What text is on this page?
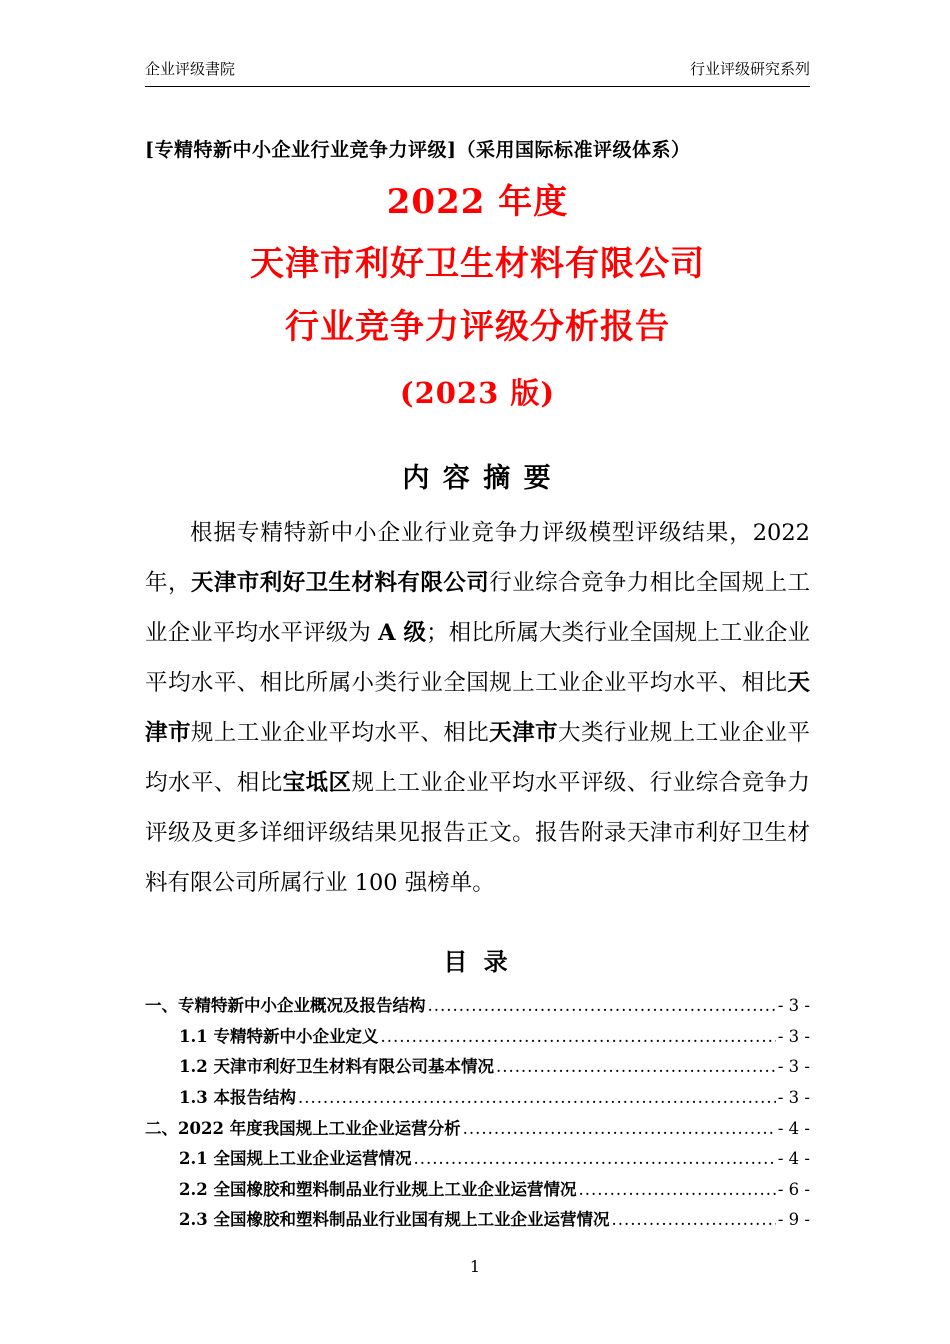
企业评级書院	行业评级研究系列
[专精特新中小企业行业竞争力评级]（采用国际标准评级体系）
2022 年度
天津市利好卫生材料有限公司
行业竞争力评级分析报告
(2023 版)
内 容 摘 要

根据专精特新中小企业行业竞争力评级模型评级结果，2022 年，天津市利好卫生材料有限公司行业综合竞争力相比全国规上工业企业平均水平评级为 A 级；相比所属大类行业全国规上工业企业平均水平、相比所属小类行业全国规上工业企业平均水平、相比天津市规上工业企业平均水平、相比天津市大类行业规上工业企业平均水平、相比宝坻区规上工业企业平均水平评级、行业综合竞争力评级及更多详细评级结果见报告正文。报告附录天津市利好卫生材料有限公司所属行业 100 强榜单。

目 录
一、专精特新中小企业概况及报告结构 .....	- 3 -
1.1 专精特新中小企业定义 .....	- 3 -
1.2 天津市利好卫生材料有限公司基本情况 .....	- 3 -
1.3 本报告结构 .....	- 3 -
二、2022 年度我国规上工业企业运营分析 .....	- 4 -
2.1 全国规上工业企业运营情况 .....	- 4 -
2.2 全国橡胶和塑料制品业行业规上工业企业运营情况 .....	- 6 -
2.3 全国橡胶和塑料制品业行业国有规上工业企业运营情况 .....	- 9 -
1
